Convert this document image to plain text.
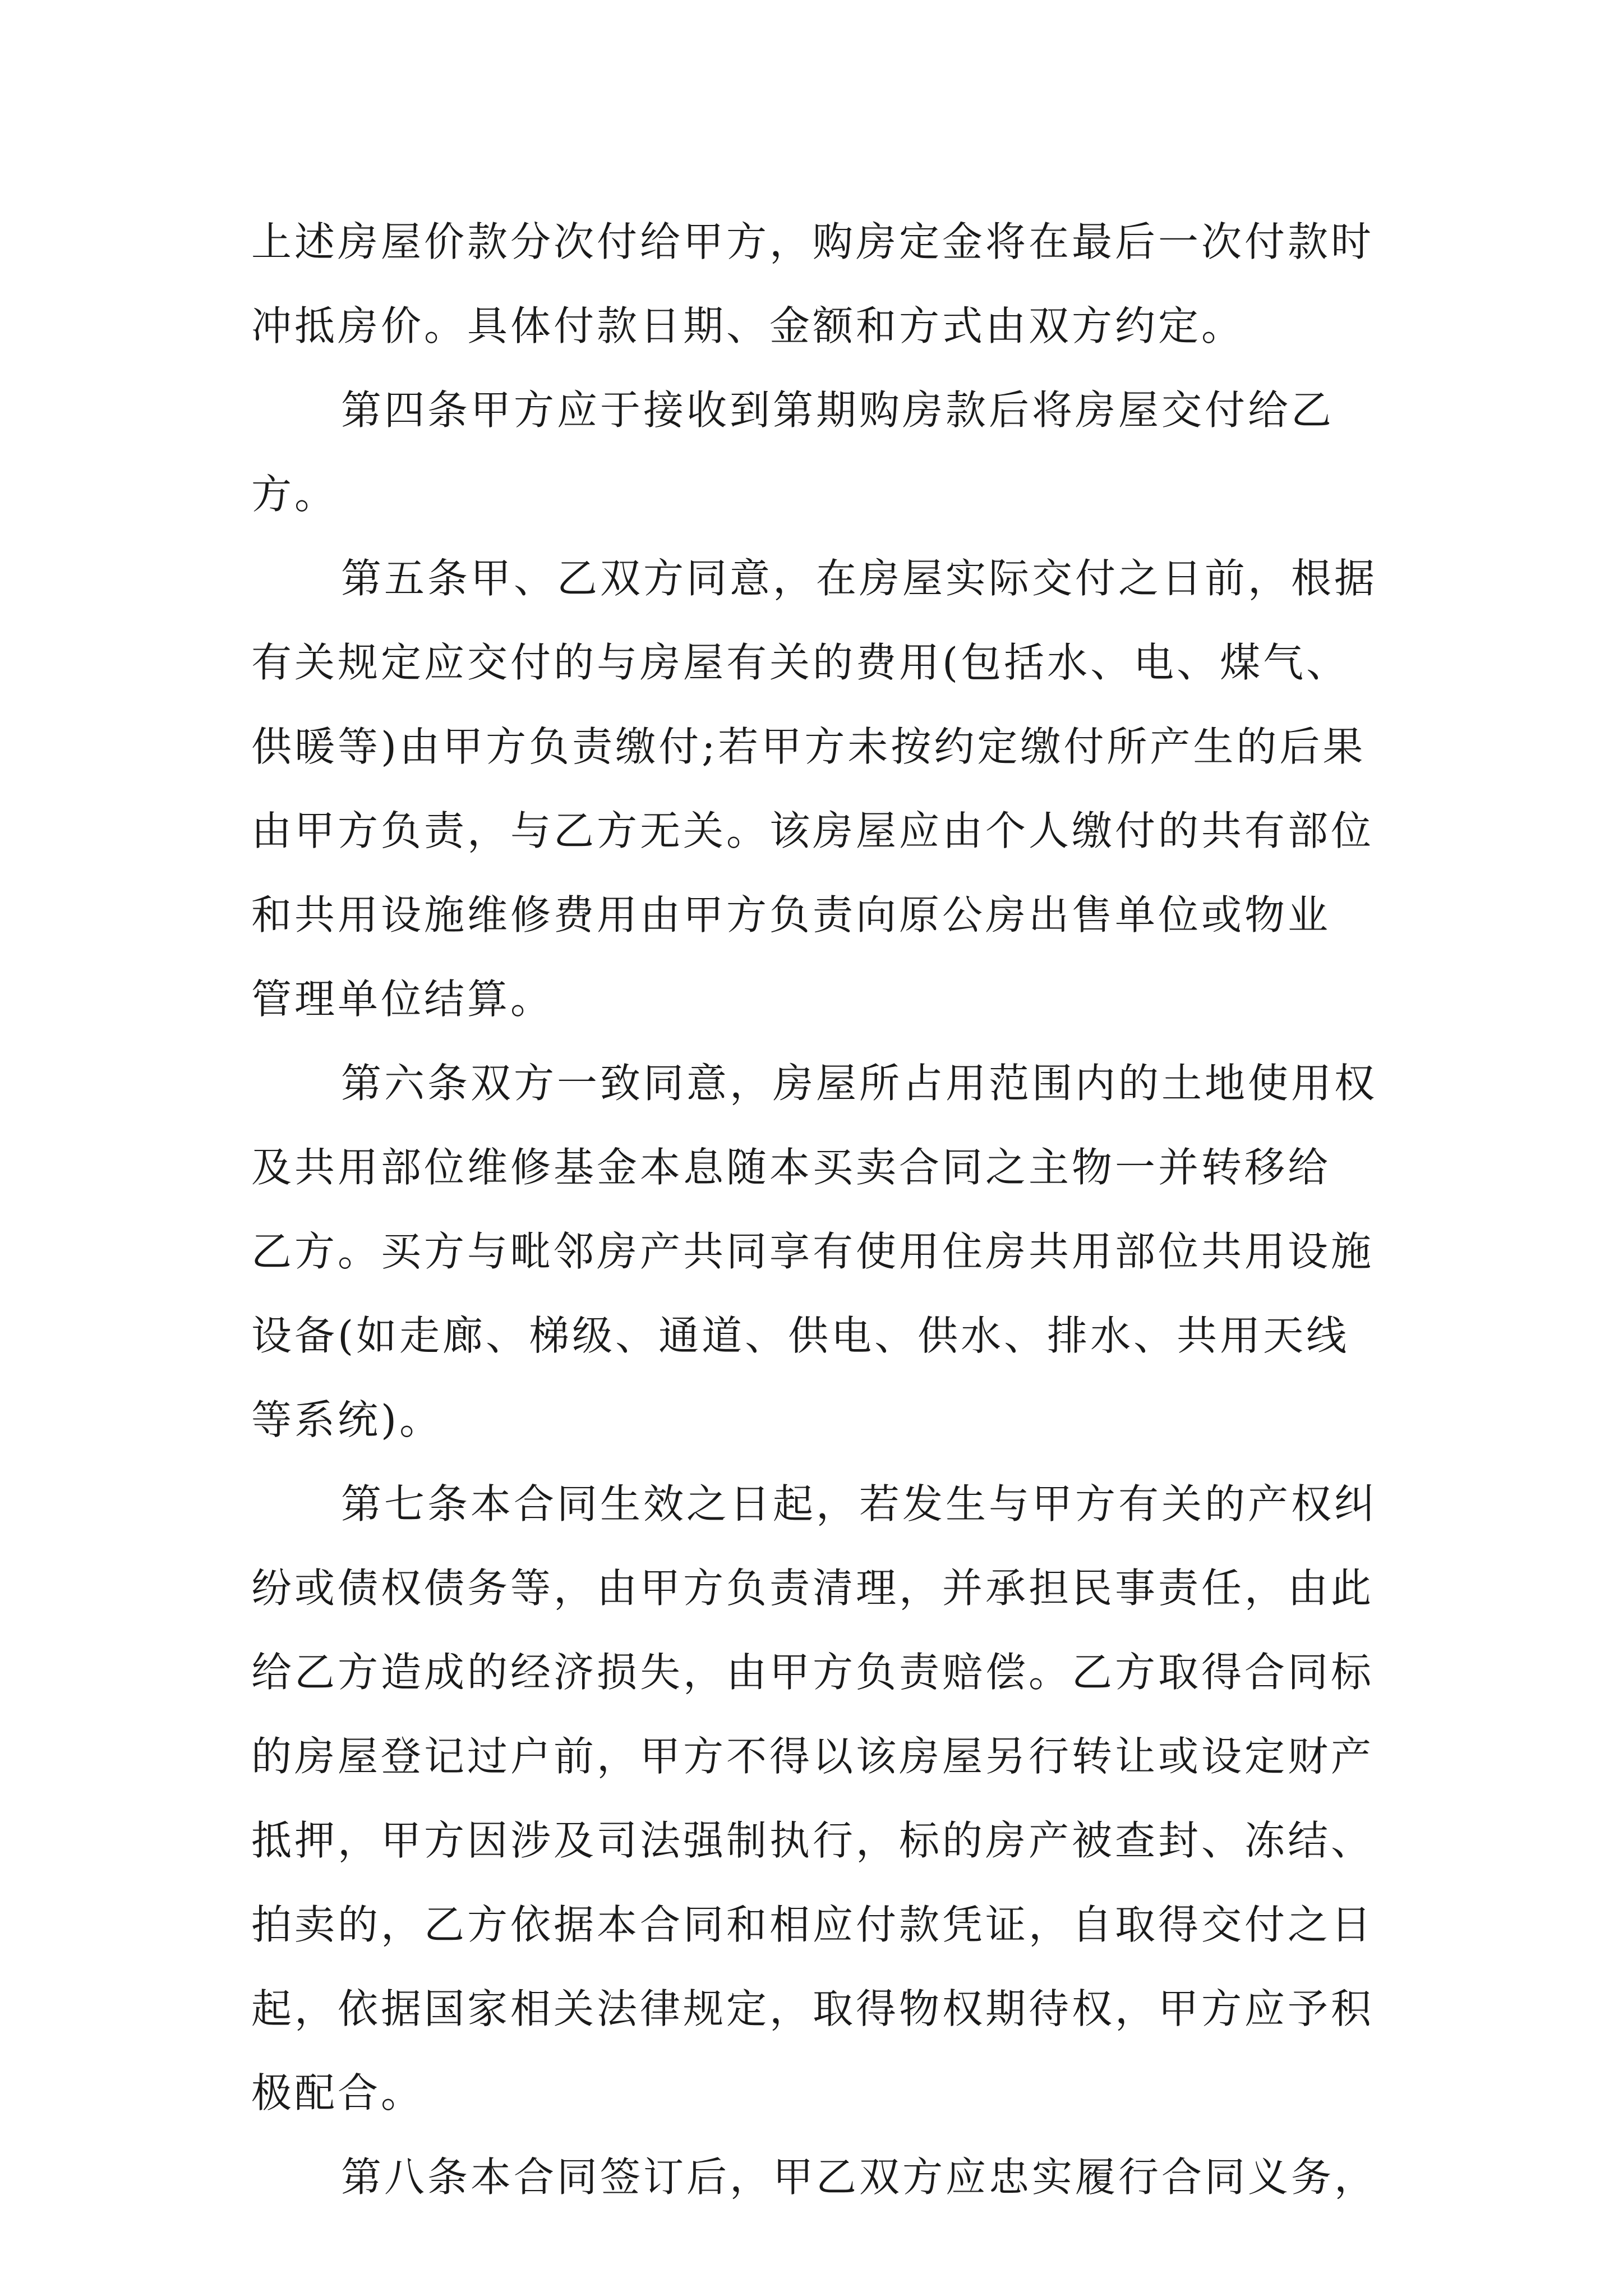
上述房屋价款分次付给甲方，购房定金将在最后一次付款时
冲抵房价。具体付款日期、金额和方式由双方约定。
第四条甲方应于接收到第期购房款后将房屋交付给乙
方。
第五条甲、乙双方同意，在房屋实际交付之日前，根据
有关规定应交付的与房屋有关的费用(包括水、电、煤气、
供暖等)由甲方负责缴付;若甲方未按约定缴付所产生的后果
由甲方负责，与乙方无关。该房屋应由个人缴付的共有部位
和共用设施维修费用由甲方负责向原公房出售单位或物业
管理单位结算。
第六条双方一致同意，房屋所占用范围内的土地使用权
及共用部位维修基金本息随本买卖合同之主物一并转移给
乙方。买方与毗邻房产共同享有使用住房共用部位共用设施
设备(如走廊、梯级、通道、供电、供水、排水、共用天线
等系统)。
第七条本合同生效之日起，若发生与甲方有关的产权纠
纷或债权债务等，由甲方负责清理，并承担民事责任，由此
给乙方造成的经济损失，由甲方负责赔偿。乙方取得合同标
的房屋登记过户前，甲方不得以该房屋另行转让或设定财产
抵押，甲方因涉及司法强制执行，标的房产被查封、冻结、
拍卖的，乙方依据本合同和相应付款凭证，自取得交付之日
起，依据国家相关法律规定，取得物权期待权，甲方应予积
极配合。
第八条本合同签订后，甲乙双方应忠实履行合同义务，
